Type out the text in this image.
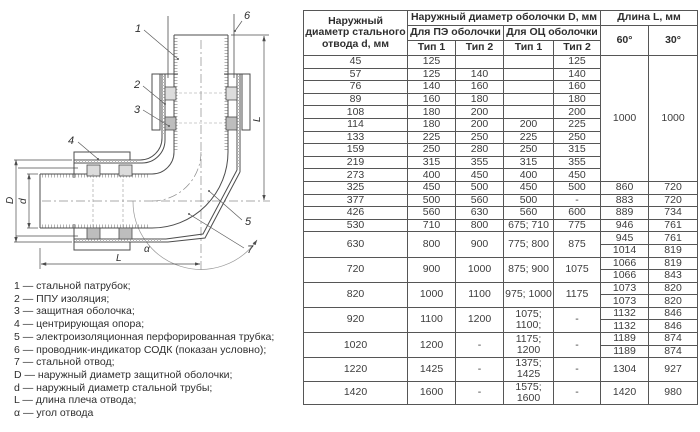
1
2
3
4
5
6
7
L
L
D d
α
1 — стальной патрубок;
2 — ППУ изоляция;
3 — защитная оболочка;
4 — центрирующая опора;
5 — электроизоляционная перфорированная трубка;
6 — проводник-индикатор СОДК (показан условно);
7 — стальной отвод;
D — наружный диаметр защитной оболочки;
d — наружный диаметр стальной трубы;
L — длина плеча отвода;
α — угол отвода
Наружный диаметр стального отвода d, мм	Наружный диаметр оболочки D, мм				Длина L, мм	
	Для ПЭ оболочки		Для ОЦ оболочки		60°	30°
	Тип 1	Тип 2	Тип 1	Тип 2		
45	125			125	1000	1000
57	125	140		140		
76	140	160		160		
89	160	180		180		
108	180	200		200		
114	180	200	200	225		
133	225	250	225	250		
159	250	280	250	315		
219	315	355	315	355		
273	400	450	400	450		
325	450	500	450	500	860	720
377	500	560	500	-	883	720
426	560	630	560	600	889	734
530	710	800	675; 710	775	946	761
630	800	900	775; 800	875	945	761
					1014	819
720	900	1000	875; 900	1075	1066	819
					1066	843
820	1000	1100	975; 1000	1175	1073	820
					1073	820
920	1100	1200	1075; 1100;	-	1132	846
					1132	846
1020	1200	-	1175; 1200	-	1189	874
					1189	874
1220	1425	-	1375; 1425	-	1304	927
1420	1600	-	1575; 1600	-	1420	980
